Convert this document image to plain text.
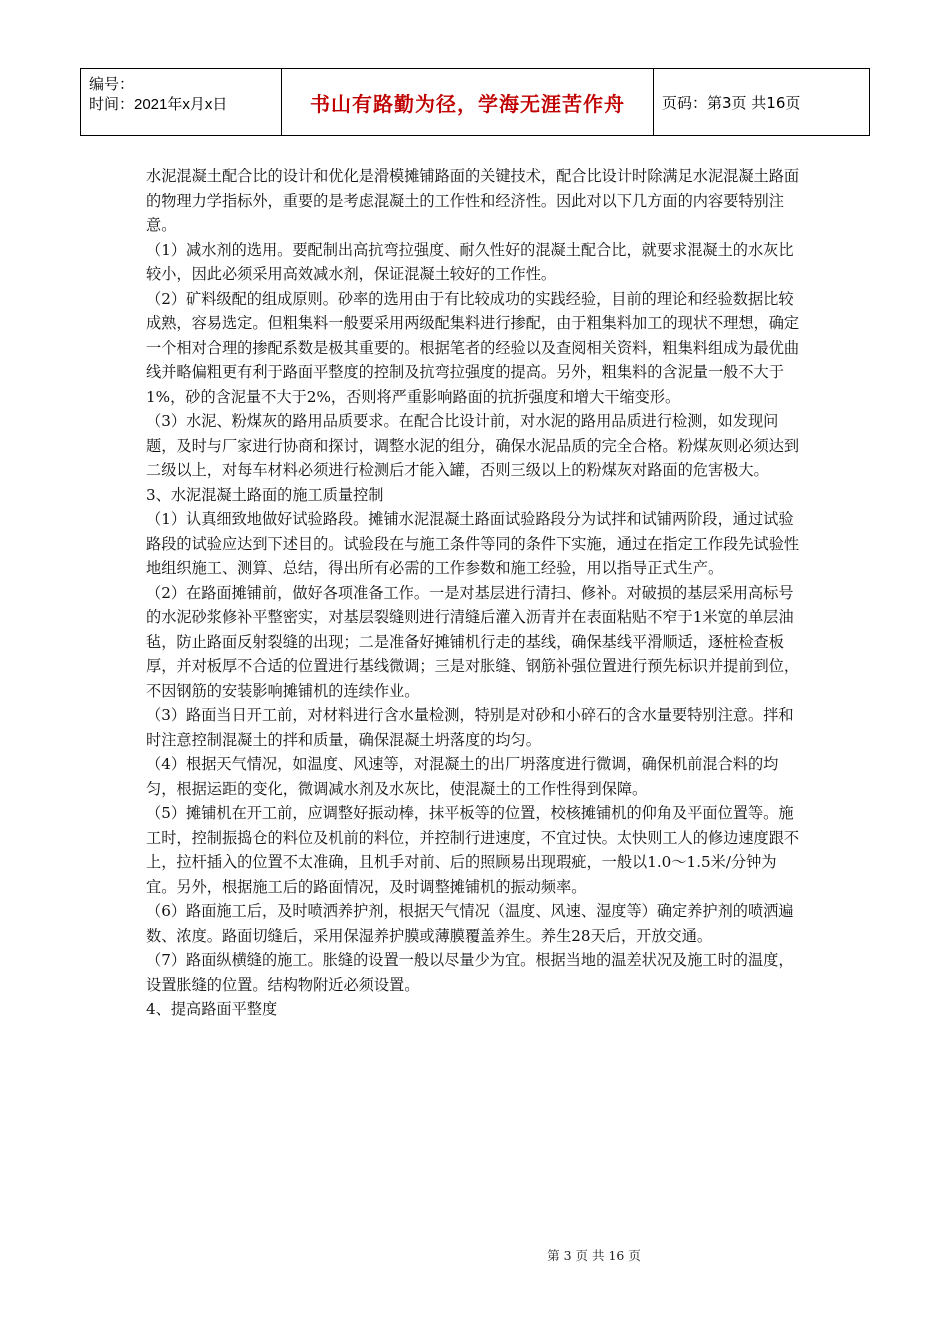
编号：
时间：2021年x月x日	书山有路勤为径，学海无涯苦作舟	页码：第3页 共16页

水泥混凝土配合比的设计和优化是滑模摊铺路面的关键技术，配合比设计时除满足水泥混凝土路面的物理力学指标外，重要的是考虑混凝土的工作性和经济性。因此对以下几方面的内容要特别注意。

（1）减水剂的选用。要配制出高抗弯拉强度、耐久性好的混凝土配合比，就要求混凝土的水灰比较小，因此必须采用高效减水剂，保证混凝土较好的工作性。

（2）矿料级配的组成原则。砂率的选用由于有比较成功的实践经验，目前的理论和经验数据比较成熟，容易选定。但粗集料一般要采用两级配集料进行掺配，由于粗集料加工的现状不理想，确定一个相对合理的掺配系数是极其重要的。根据笔者的经验以及查阅相关资料，粗集料组成为最优曲线并略偏粗更有利于路面平整度的控制及抗弯拉强度的提高。另外，粗集料的含泥量一般不大于1%，砂的含泥量不大于2%，否则将严重影响路面的抗折强度和增大干缩变形。

（3）水泥、粉煤灰的路用品质要求。在配合比设计前，对水泥的路用品质进行检测，如发现问题，及时与厂家进行协商和探讨，调整水泥的组分，确保水泥品质的完全合格。粉煤灰则必须达到二级以上，对每车材料必须进行检测后才能入罐，否则三级以上的粉煤灰对路面的危害极大。

3、水泥混凝土路面的施工质量控制

（1）认真细致地做好试验路段。摊铺水泥混凝土路面试验路段分为试拌和试铺两阶段，通过试验路段的试验应达到下述目的。试验段在与施工条件等同的条件下实施，通过在指定工作段先试验性地组织施工、测算、总结，得出所有必需的工作参数和施工经验，用以指导正式生产。

（2）在路面摊铺前，做好各项准备工作。一是对基层进行清扫、修补。对破损的基层采用高标号的水泥砂浆修补平整密实，对基层裂缝则进行清缝后灌入沥青并在表面粘贴不窄于1米宽的单层油毡，防止路面反射裂缝的出现；二是准备好摊铺机行走的基线，确保基线平滑顺适，逐桩检查板厚，并对板厚不合适的位置进行基线微调；三是对胀缝、钢筋补强位置进行预先标识并提前到位，不因钢筋的安装影响摊铺机的连续作业。

（3）路面当日开工前，对材料进行含水量检测，特别是对砂和小碎石的含水量要特别注意。拌和时注意控制混凝土的拌和质量，确保混凝土坍落度的均匀。

（4）根据天气情况，如温度、风速等，对混凝土的出厂坍落度进行微调，确保机前混合料的均匀，根据运距的变化，微调减水剂及水灰比，使混凝土的工作性得到保障。

（5）摊铺机在开工前，应调整好振动棒，抹平板等的位置，校核摊铺机的仰角及平面位置等。施工时，控制振捣仓的料位及机前的料位，并控制行进速度，不宜过快。太快则工人的修边速度跟不上，拉杆插入的位置不太准确，且机手对前、后的照顾易出现瑕疵，一般以1.0～1.5米/分钟为宜。另外，根据施工后的路面情况，及时调整摊铺机的振动频率。

（6）路面施工后，及时喷洒养护剂，根据天气情况（温度、风速、湿度等）确定养护剂的喷洒遍数、浓度。路面切缝后，采用保湿养护膜或薄膜覆盖养生。养生28天后，开放交通。

（7）路面纵横缝的施工。胀缝的设置一般以尽量少为宜。根据当地的温差状况及施工时的温度，设置胀缝的位置。结构物附近必须设置。

4、提高路面平整度

第 3 页 共 16 页
